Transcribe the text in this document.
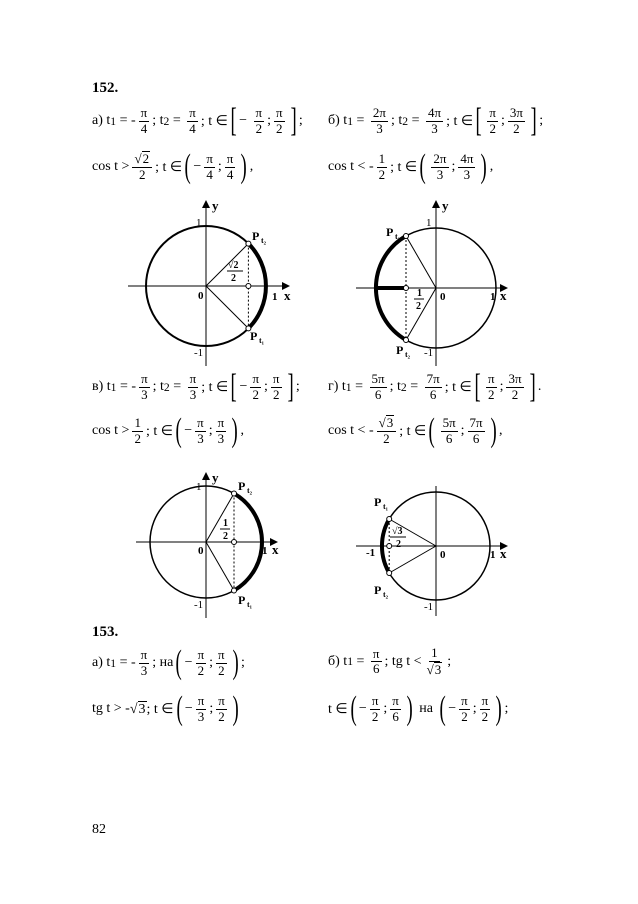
152.
а) t 1 = - $\frac{\pi}{4}$ ; t $2 = \frac{\pi}{4}$ ; t ∈ [ − $\frac{\pi}{2}$ ; $\frac{\pi}{2}$ ] ; б) t $1 = \frac{2\pi}{3}$ ; t $2 = \frac{4\pi}{3}$ ; t ∈ [ $\frac{\pi}{2}$ ; $\frac{3\pi}{2}$ ] ;
$\cos t > \frac{√2}{2}$ ; t ∈ ( − $\frac{\pi}{4}$ ; $\frac{\pi}{4}$ ) ,	cos t < - $\frac{1}{2}$ ; t ∈ ( $\frac{2\pi}{3}$ ; $\frac{4\pi}{3}$ ) ,
y
x
1
1
0
-1
P t₂
P t₁
√2
2
y
x
1
1
0
-1
P t₁
P t₂
1
2
в) t 1 = - $\frac{\pi}{3}$ ; t $2 = \frac{\pi}{3}$ ; t ∈ [ − $\frac{\pi}{2}$ ; $\frac{\pi}{2}$ ] ; г) t $1 = \frac{5\pi}{6}$ ; t $2 = \frac{7\pi}{6}$ ; t ∈ [ $\frac{\pi}{2}$ ; $\frac{3\pi}{2}$ ] .
$\cos t > \frac{1}{2}$ ; t ∈ ( − $\frac{\pi}{3}$ ; $\frac{\pi}{3}$ ) ,	cos t < - $\frac{√3}{2}$ ; t ∈ ( $\frac{5\pi}{6}$ ; $\frac{7\pi}{6}$ ) ,
y
x
1
1
0
-1
P t₂
P t₁
1
2
x
1
0
-1
-1
P t₁
P t₂
√3
2
153.
а) t 1 = - $\frac{\pi}{3}$ ; на ( − $\frac{\pi}{2}$ ; $\frac{\pi}{2}$ ) ;	б) t $1 = \frac{\pi}{6}$ ; tg $t < \frac{1}{√3}$ ;
tg t > - √3 ; t ∈ ( − $\frac{\pi}{3}$ ; $\frac{\pi}{2}$ )	t ∈ ( − $\frac{\pi}{2}$ ; $\frac{\pi}{6}$ ) на ( − $\frac{\pi}{2}$ ; $\frac{\pi}{2}$ ) ;
82
